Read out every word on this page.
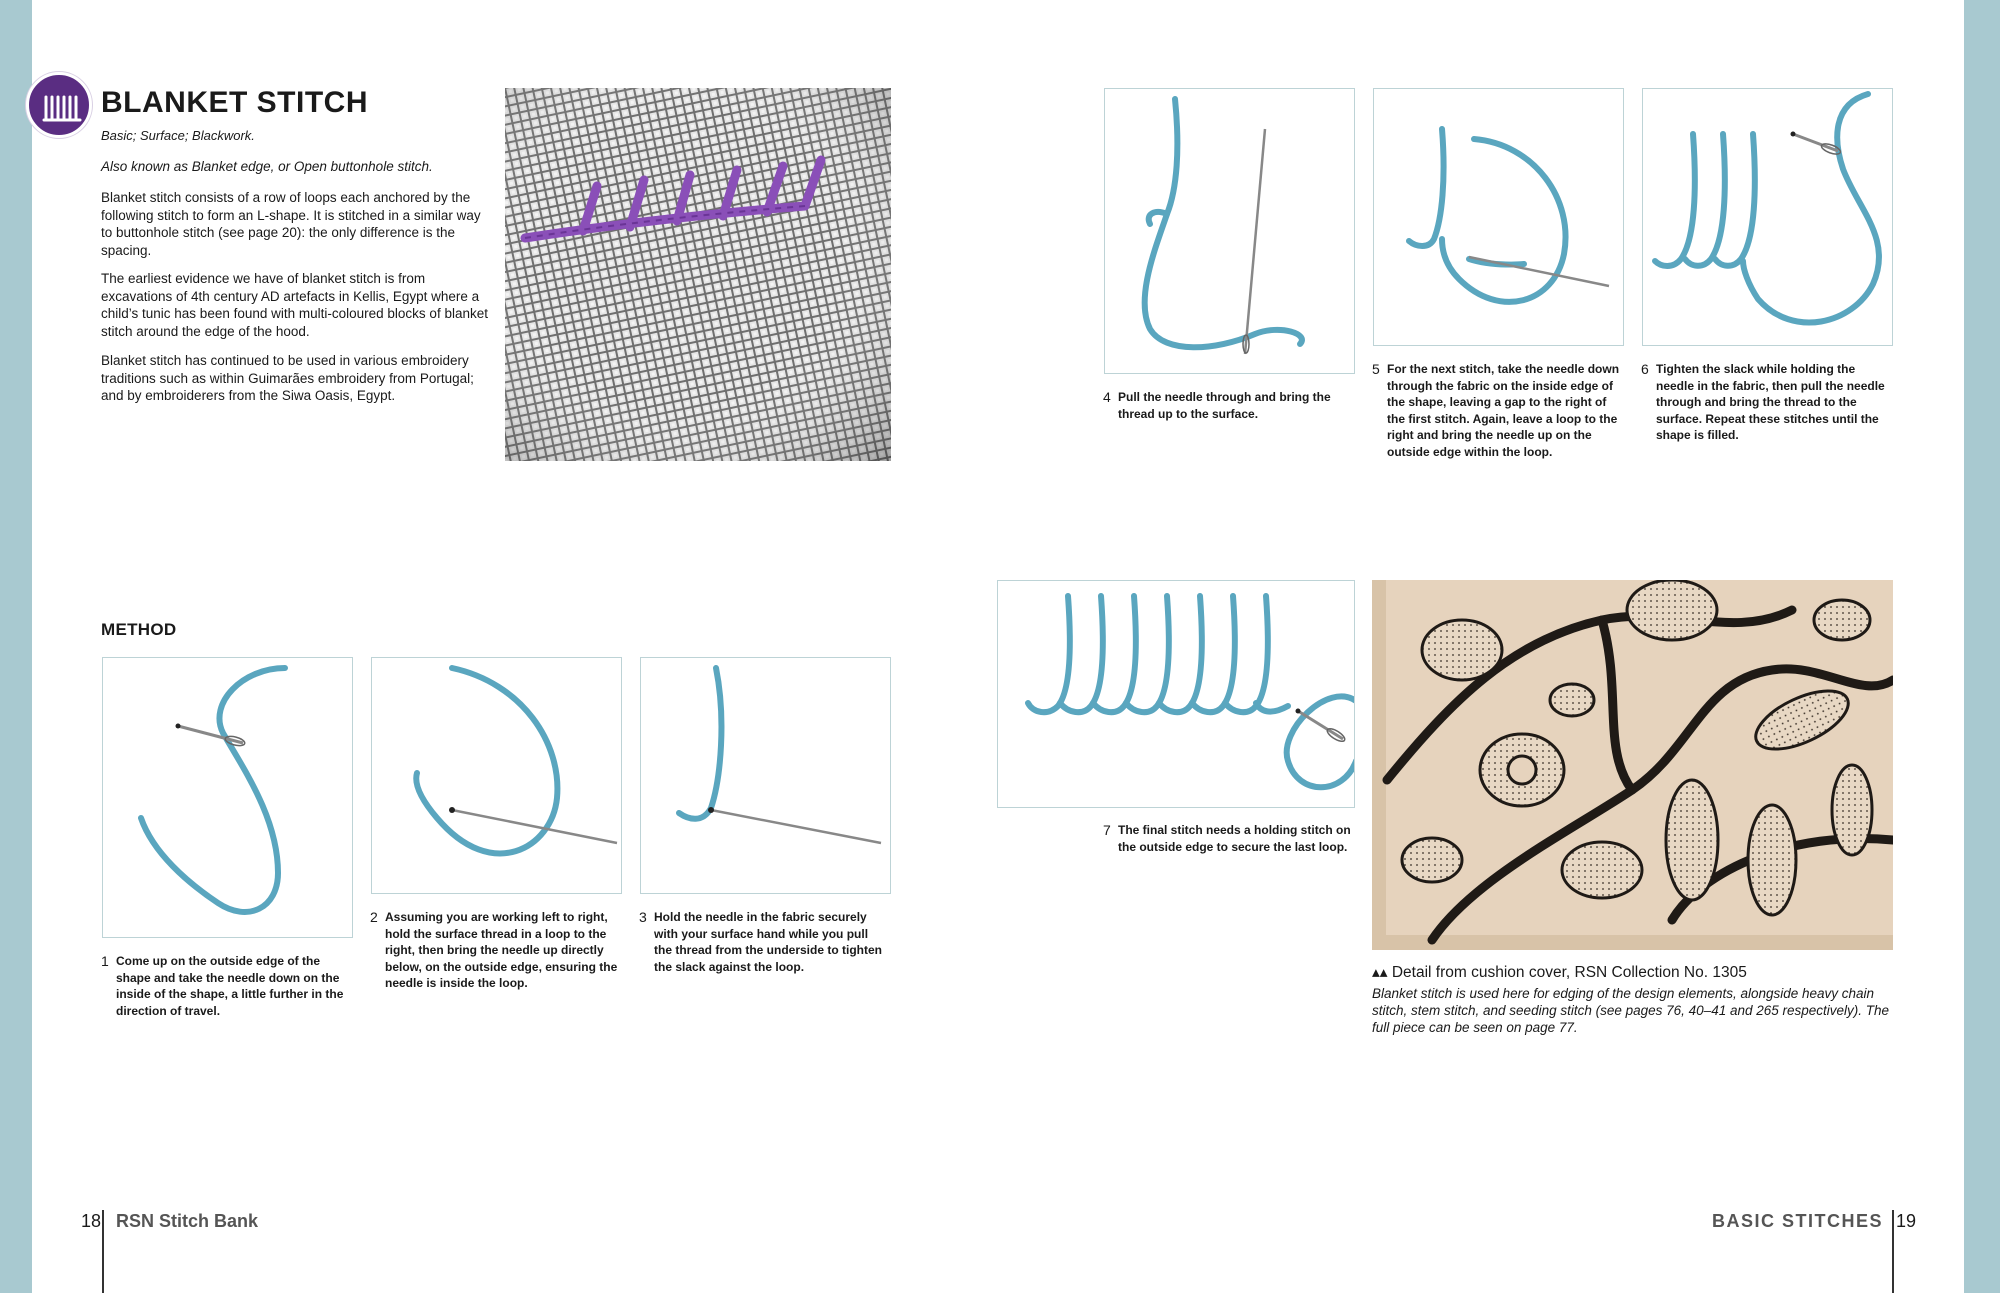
BLANKET STITCH
Basic; Surface; Blackwork.
Also known as Blanket edge, or Open buttonhole stitch.
Blanket stitch consists of a row of loops each anchored by the following stitch to form an L-shape. It is stitched in a similar way to buttonhole stitch (see page 20): the only difference is the spacing.
The earliest evidence we have of blanket stitch is from excavations of 4th century AD artefacts in Kellis, Egypt where a child’s tunic has been found with multi-coloured blocks of blanket stitch around the edge of the hood.
Blanket stitch has continued to be used in various embroidery traditions such as within Guimarães embroidery from Portugal; and by embroiderers from the Siwa Oasis, Egypt.
METHOD
1 Come up on the outside edge of the shape and take the needle down on the inside of the shape, a little further in the direction of travel.
2 Assuming you are working left to right, hold the surface thread in a loop to the right, then bring the needle up directly below, on the outside edge, ensuring the needle is inside the loop.
3 Hold the needle in the fabric securely with your surface hand while you pull the thread from the underside to tighten the slack against the loop.
4 Pull the needle through and bring the thread up to the surface.
5 For the next stitch, take the needle down through the fabric on the inside edge of the shape, leaving a gap to the right of the first stitch. Again, leave a loop to the right and bring the needle up on the outside edge within the loop.
6 Tighten the slack while holding the needle in the fabric, then pull the needle through and bring the thread to the surface. Repeat these stitches until the shape is filled.
7 The final stitch needs a holding stitch on the outside edge to secure the last loop.
▴▴ Detail from cushion cover, RSN Collection No. 1305
Blanket stitch is used here for edging of the design elements, alongside heavy chain stitch, stem stitch, and seeding stitch (see pages 76, 40–41 and 265 respectively). The full piece can be seen on page 77.
18 RSN Stitch Bank	BASIC STITCHES 19
